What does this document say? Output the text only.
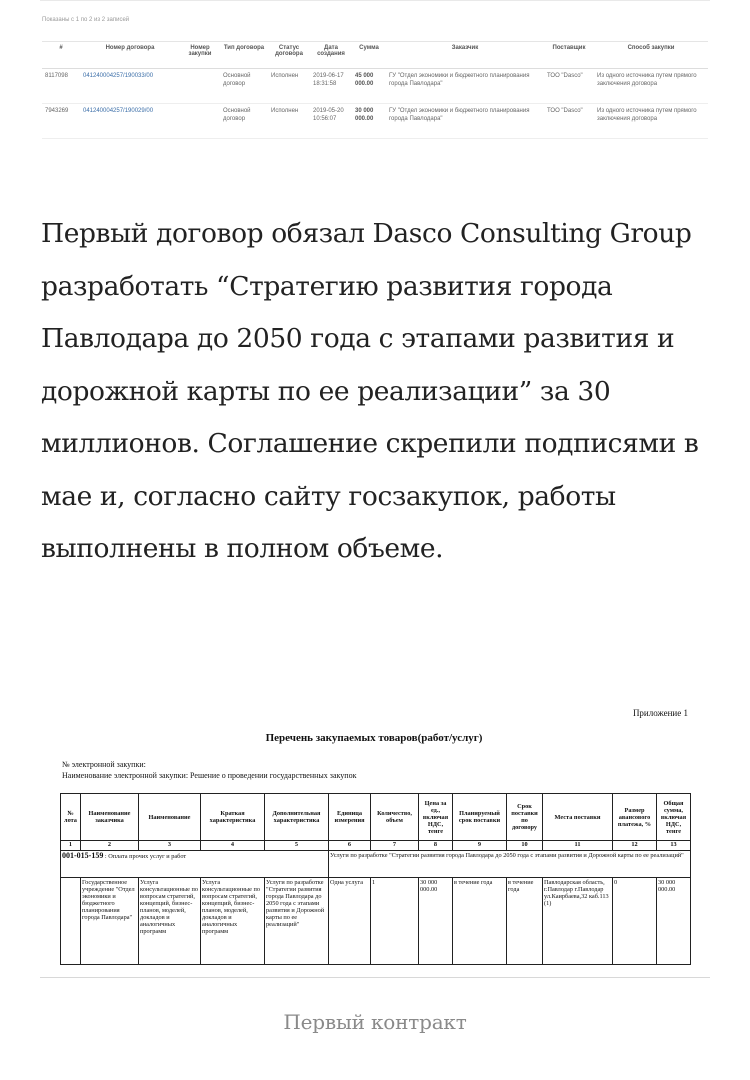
Показаны с 1 по 2 из 2 записей
#	Номер договора	Номер закупки	Тип договора	Статус договора	Дата создания	Сумма	Заказчик	Поставщик	Способ закупки
8117098	041240004257/190033/00		Основной договор	Исполнен	2019-06-17 18:31:58	45 000 000.00	ГУ "Отдел экономики и бюджетного планирования города Павлодара"	ТОО "Dasco"	Из одного источника путем прямого заключения договора
7943269	041240004257/190029/00		Основной договор	Исполнен	2019-05-20 10:56:07	30 000 000.00	ГУ "Отдел экономики и бюджетного планирования города Павлодара"	ТОО "Dasco"	Из одного источника путем прямого заключения договора

Первый договор обязал Dasco Consulting Group разработать “Стратегию развития города Павлодара до 2050 года с этапами развития и дорожной карты по ее реализации” за 30 миллионов. Соглашение скрепили подписями в мае и, согласно сайту госзакупок, работы выполнены в полном объеме.

Приложение 1
Перечень закупаемых товаров(работ/услуг)
№ электронной закупки:
Наименование электронной закупки: Решение о проведении государственных закупок
№ лота	Наименование заказчика	Наименование	Краткая характеристика	Дополнительная характеристика	Единица измерения	Количество, объем	Цена за ед., включая НДС, тенге	Планируемый срок поставки	Срок поставки по договору	Места поставки	Размер авансового платежа, %	Общая сумма, включая НДС, тенге
1	2	3	4	5	6	7	8	9	10	11	12	13
001-015-159 : Оплата прочих услуг и работ					Услуги по разработке "Стратегии развития города Павлодара до 2050 года с этапами развития и Дорожной карты по ее реализаций"							
	Государственное учреждение "Отдел экономики и бюджетного планирования города Павлодара"	Услуга консультационные по вопросам стратегий, концепций, бизнес-планов, моделей, докладов и аналогичных программ	Услуга консультационные по вопросам стратегий, концепций, бизнес-планов, моделей, докладов и аналогичных программ	Услуги по разработке "Стратегии развития города Павлодара до 2050 года с этапами развития и Дорожной карты по ее реализаций"	Одна услуга	1	30 000 000.00	в течение года	в течение года	Павлодарская область, г.Павлодар г.Павлодар ул.Каирбаева,32 каб.113 (1)	0	30 000 000.00
Первый контракт
